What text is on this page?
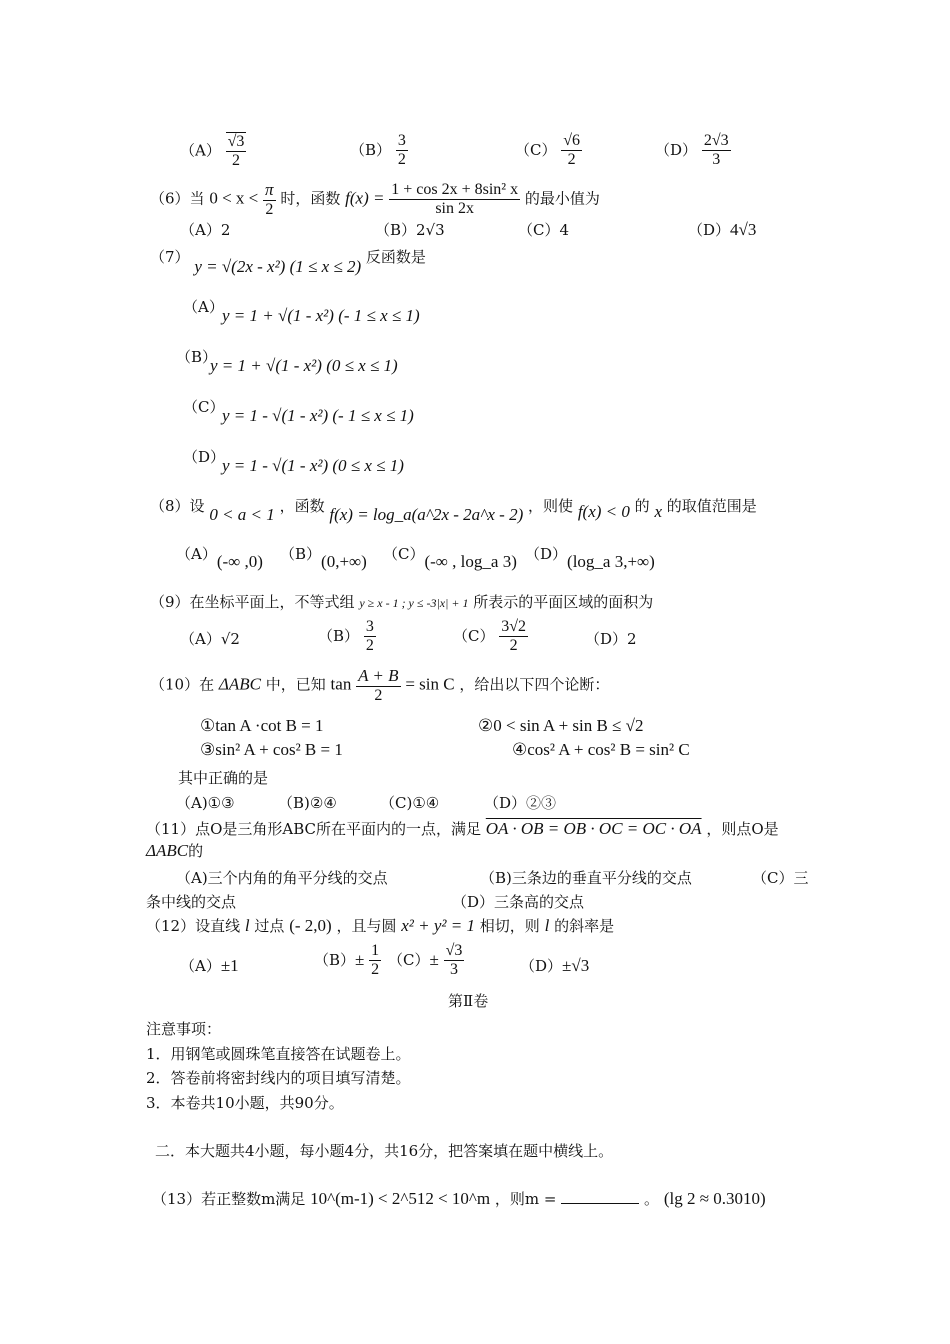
$(A) \frac{√3}{2}$	$(B) \frac{3}{2}$	$(C) \frac{√6}{2}$	$(D) \frac{2√3}{3}$
（6）当 $0 < x < \frac{\pi}{2}$ 时，函数 $f(x) = \frac{\text{1 + cos 2x + 8sin² x}}{\sin 2x}$ 的最小值为
（A）2	（B）2√3	（C）4	（D）4√3
（7） y = √(2x - x²) (1 ≤ x ≤ 2) 反函数是
（A）
y = 1 + √(1 - x²) (- 1 ≤ x ≤ 1)
（B）
y = 1 + √(1 - x²) (0 ≤ x ≤ 1)
（C）
y = 1 - √(1 - x²) (- 1 ≤ x ≤ 1)
（D）
y = 1 - √(1 - x²) (0 ≤ x ≤ 1)
（8）设 0 < a < 1 ，函数 f(x) = log_a(a^2x - 2a^x - 2) ，则使 f(x) < 0 的 x 的取值范围是
（A）(-∞ ,0) （B）(0,+∞) （C）(-∞ , log_a 3) （D）(log_a 3,+∞)
（9）在坐标平面上，不等式组 y ≥ x - 1 ; y ≤ -3|x| + 1 所表示的平面区域的面积为
（A）√2	$(B) \frac{3}{2}$	$(C) \frac{3√2}{2}$	（D）2
（10）在 ΔABC 中，已知 $\tan \frac{A + B}{2} = \sin C$ ，给出以下四个论断：
①tan A ·cot B = 1	②0 < sin A + sin B ≤ √2
③sin² A + cos² B = 1	④cos² A + cos² B = sin² C
其中正确的是
（A)①③	（B)②④	（C)①④	（D）②③
（11）点O是三角形ABC所在平面内的一点，满足 OA · OB = OB · OC = OC · OA ，则点O是
ΔABC的
（A)三个内角的角平分线的交点	（B)三条边的垂直平分线的交点	（C）三
条中线的交点	（D）三条高的交点
（12）设直线 l 过点 (- 2,0) ，且与圆 x² + y² = 1 相切，则 l 的斜率是
（A）±1	$(B)\pm \frac{1}{2} (C)\pm \frac{√3}{3}$	（D）±√3
第Ⅱ卷
注意事项：
1．用钢笔或圆珠笔直接答在试题卷上。
2．答卷前将密封线内的项目填写清楚。
3．本卷共10小题，共90分。
二．本大题共4小题，每小题4分，共16分，把答案填在题中横线上。
（13）若正整数m满足 10^(m-1) < 2^512 < 10^m ，则m =	。 (lg 2 ≈ 0.3010)
